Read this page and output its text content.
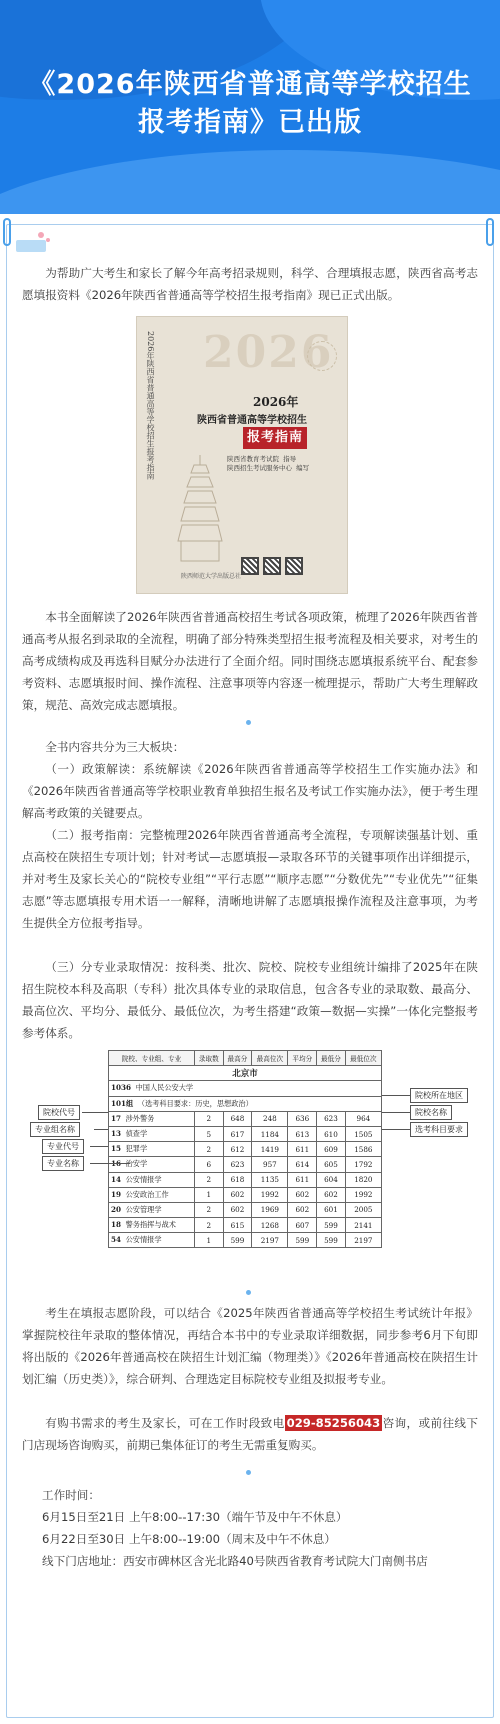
《2026年陕西省普通高等学校招生报考指南》已出版
为帮助广大考生和家长了解今年高考招录规则，科学、合理填报志愿，陕西省高考志愿填报资料《2026年陕西省普通高等学校招生报考指南》现已正式出版。
2026年陕西省普通高等学校招生报考指南 2026
2026年
陕西省普通高等学校招生
报考指南
陕西省教育考试院  指导
陕西招生考试服务中心  编写
陕西师范大学出版总社
本书全面解读了2026年陕西省普通高校招生考试各项政策，梳理了2026年陕西省普通高考从报名到录取的全流程，明确了部分特殊类型招生报考流程及相关要求，对考生的高考成绩构成及再选科目赋分办法进行了全面介绍。同时围绕志愿填报系统平台、配套参考资料、志愿填报时间、操作流程、注意事项等内容逐一梳理提示，帮助广大考生理解政策，规范、高效完成志愿填报。
全书内容共分为三大板块：
（一）政策解读：系统解读《2026年陕西省普通高等学校招生工作实施办法》和《2026年陕西省普通高等学校职业教育单独招生报名及考试工作实施办法》，便于考生理解高考政策的关键要点。
（二）报考指南：完整梳理2026年陕西省普通高考全流程，专项解读强基计划、重点高校在陕招生专项计划；针对考试—志愿填报—录取各环节的关键事项作出详细提示，并对考生及家长关心的“院校专业组”“平行志愿”“顺序志愿”“分数优先”“专业优先”“征集志愿”等志愿填报专用术语一一解释，清晰地讲解了志愿填报操作流程及注意事项，为考生提供全方位报考指导。
（三）分专业录取情况：按科类、批次、院校、院校专业组统计编排了2025年在陕招生院校本科及高职（专科）批次具体专业的录取信息，包含各专业的录取数、最高分、最高位次、平均分、最低分、最低位次，为考生搭建“政策—数据—实操”一体化完整报考参考体系。
院校、专业组、专业	录取数	最高分	最高位次	平均分	最低分	最低位次
北京市						
1036 中国人民公安大学						
101组 （选考科目要求：历史，思想政治）						
17 涉外警务	2	648	248	636	623	964
13 侦查学	5	617	1184	613	610	1505
15 犯罪学	2	612	1419	611	609	1586
16 治安学	6	623	957	614	605	1792
14 公安情报学	2	618	1135	611	604	1820
19 公安政治工作	1	602	1992	602	602	1992
20 公安管理学	2	602	1969	602	601	2005
18 警务指挥与战术	2	615	1268	607	599	2141
54 公安情报学	1	599	2197	599	599	2197
院校所在地区
院校代号	院校名称
专业组名称	选考科目要求
专业代号
专业名称
考生在填报志愿阶段，可以结合《2025年陕西省普通高等学校招生考试统计年报》掌握院校往年录取的整体情况，再结合本书中的专业录取详细数据，同步参考6月下旬即将出版的《2026年普通高校在陕招生计划汇编（物理类）》《2026年普通高校在陕招生计划汇编（历史类）》，综合研判、合理选定目标院校专业组及拟报考专业。
有购书需求的考生及家长，可在工作时段致电 029-85256043 咨询，或前往线下门店现场咨询购买，前期已集体征订的考生无需重复购买。
工作时间：
6月15日至21日 上午8:00--17:30（端午节及中午不休息）
6月22日至30日 上午8:00--19:00（周末及中午不休息）
线下门店地址：西安市碑林区含光北路40号陕西省教育考试院大门南侧书店
